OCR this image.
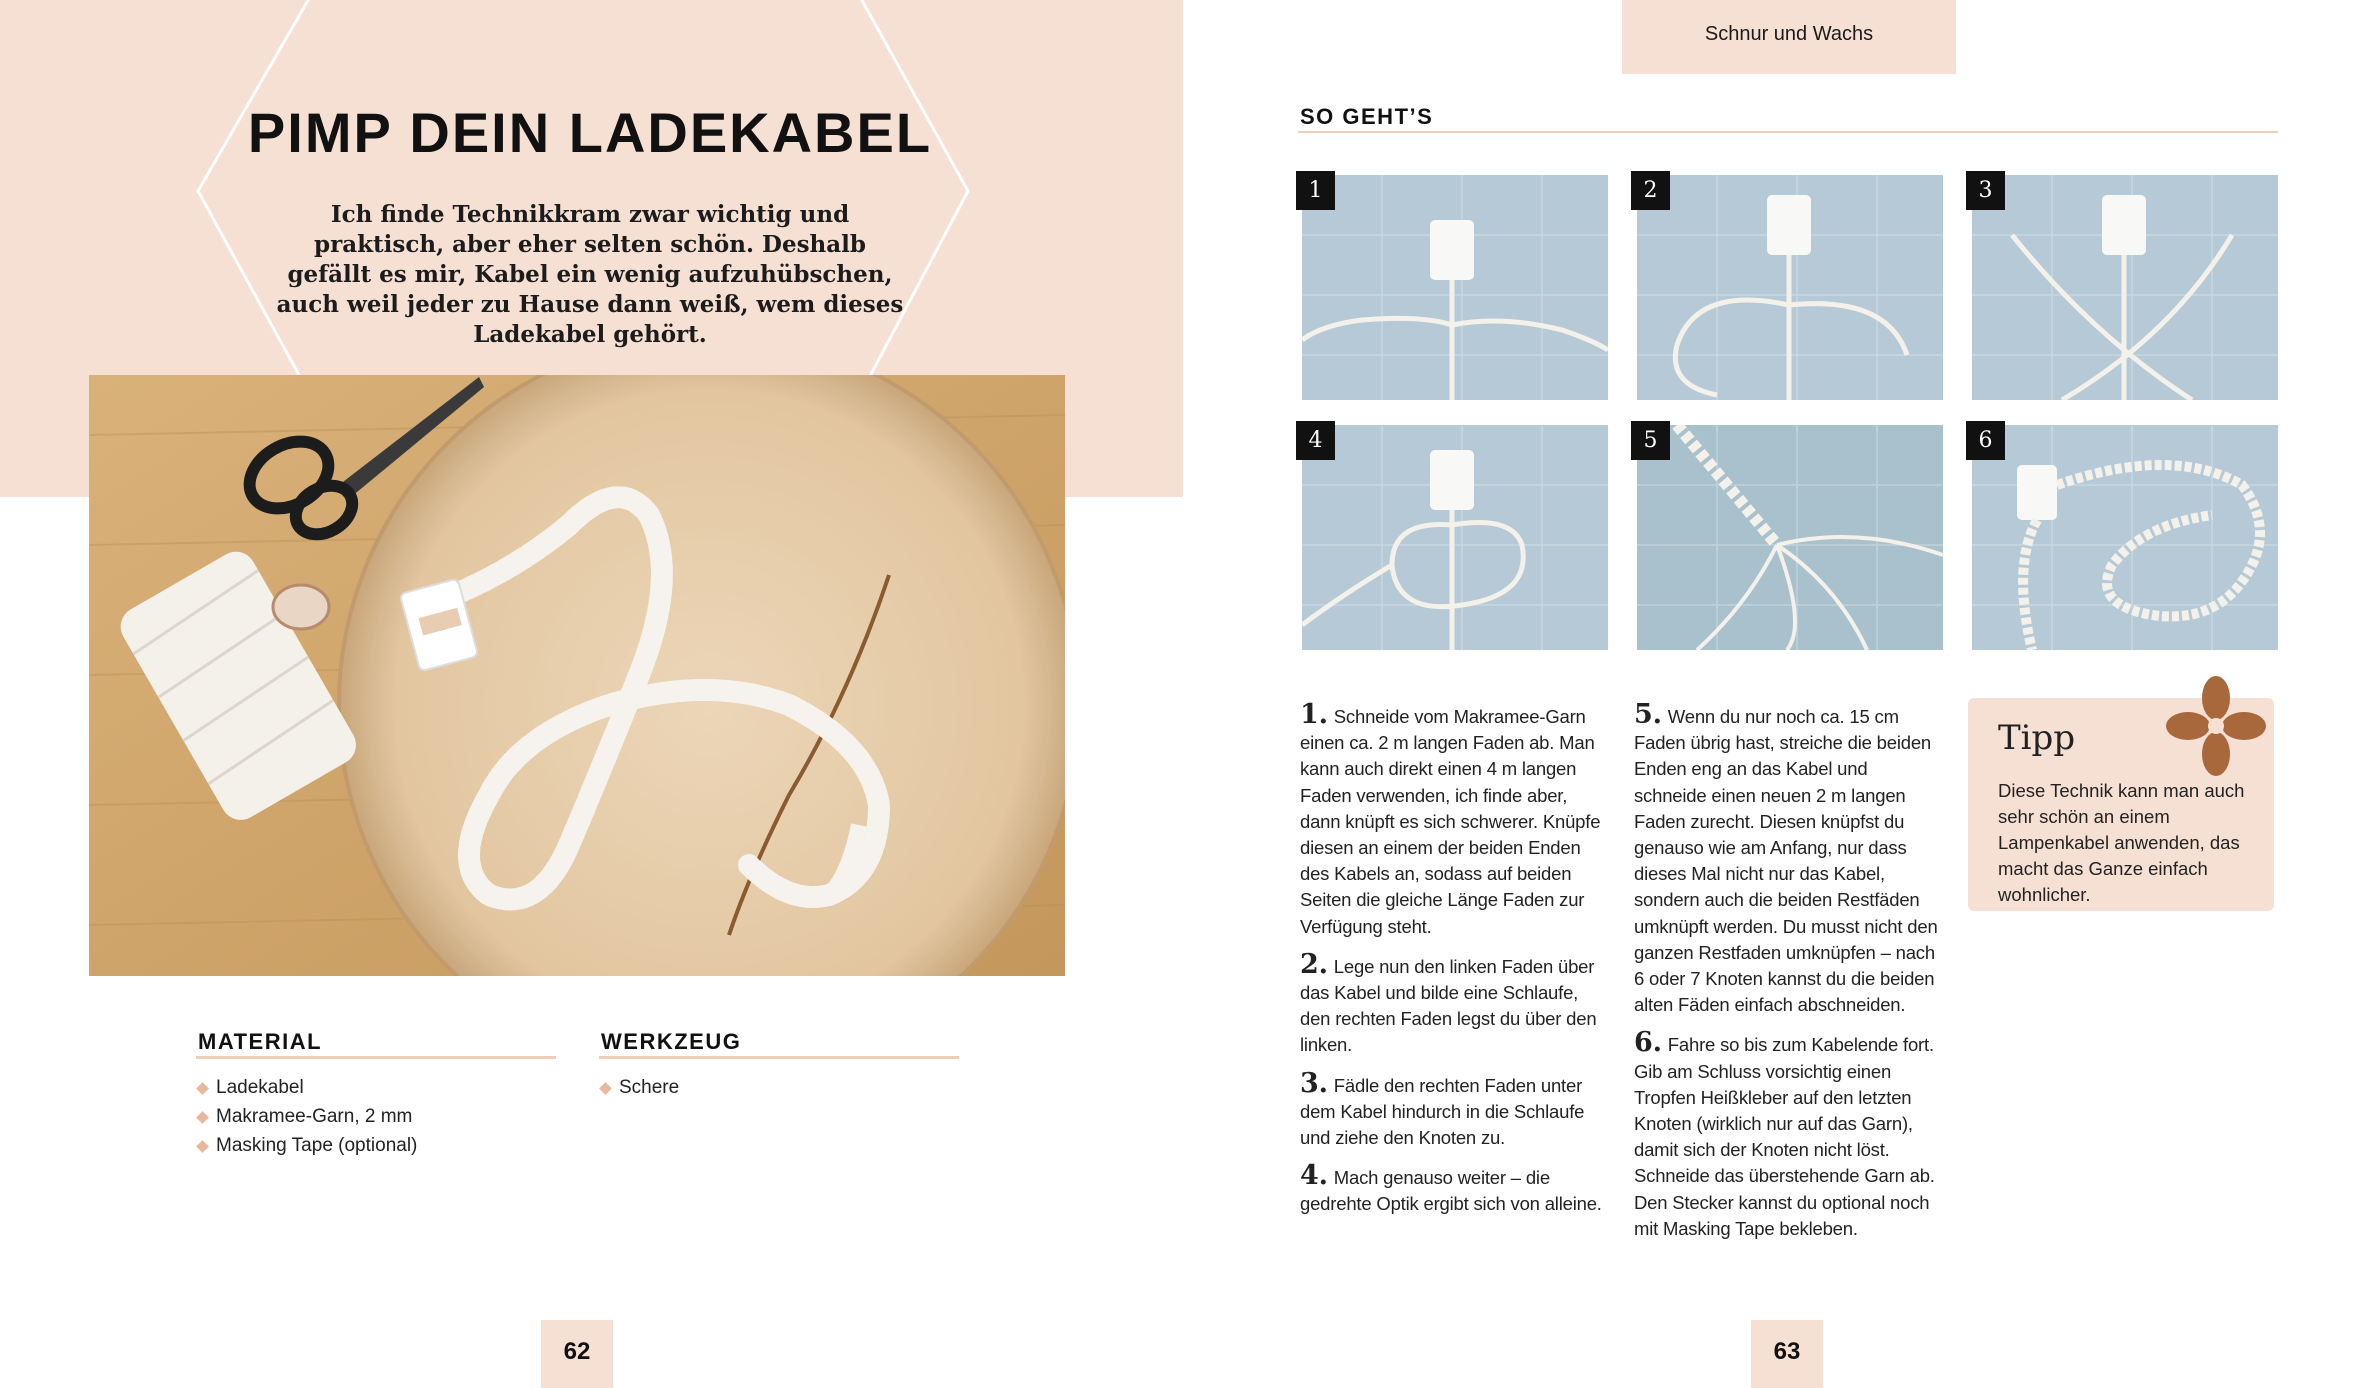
PIMP DEIN LADEKABEL
Ich finde Technikkram zwar wichtig und praktisch, aber eher selten schön. Deshalb gefällt es mir, Kabel ein wenig aufzuhübschen, auch weil jeder zu Hause dann weiß, wem dieses Ladekabel gehört.
MATERIAL
Ladekabel
Makramee-Garn, 2 mm
Masking Tape (optional)
WERKZEUG
Schere
62
Schnur und Wachs
SO GEHT’S
1	2	3
4	5	6

1. Schneide vom Makramee-Garn einen ca. 2 m langen Faden ab. Man kann auch direkt einen 4 m langen Faden verwenden, ich finde aber, dann knüpft es sich schwerer. Knüpfe diesen an einem der beiden Enden des Kabels an, sodass auf beiden Seiten die gleiche Länge Faden zur Verfügung steht.

2. Lege nun den linken Faden über das Kabel und bilde eine Schlaufe, den rechten Faden legst du über den linken.

3. Fädle den rechten Faden unter dem Kabel hindurch in die Schlaufe und ziehe den Knoten zu.

4. Mach genauso weiter – die gedrehte Optik ergibt sich von alleine.

5. Wenn du nur noch ca. 15 cm Faden übrig hast, streiche die beiden Enden eng an das Kabel und schneide einen neuen 2 m langen Faden zurecht. Diesen knüpfst du genauso wie am Anfang, nur dass dieses Mal nicht nur das Kabel, sondern auch die beiden Restfäden umknüpft werden. Du musst nicht den ganzen Restfaden umknüpfen – nach 6 oder 7 Knoten kannst du die beiden alten Fäden einfach abschneiden.

6. Fahre so bis zum Kabelende fort. Gib am Schluss vorsichtig einen Tropfen Heißkleber auf den letzten Knoten (wirklich nur auf das Garn), damit sich der Knoten nicht löst. Schneide das überstehende Garn ab. Den Stecker kannst du optional noch mit Masking Tape bekleben.

Tipp
Diese Technik kann man auch sehr schön an einem Lampenkabel anwenden, das macht das Ganze einfach wohnlicher.
63
